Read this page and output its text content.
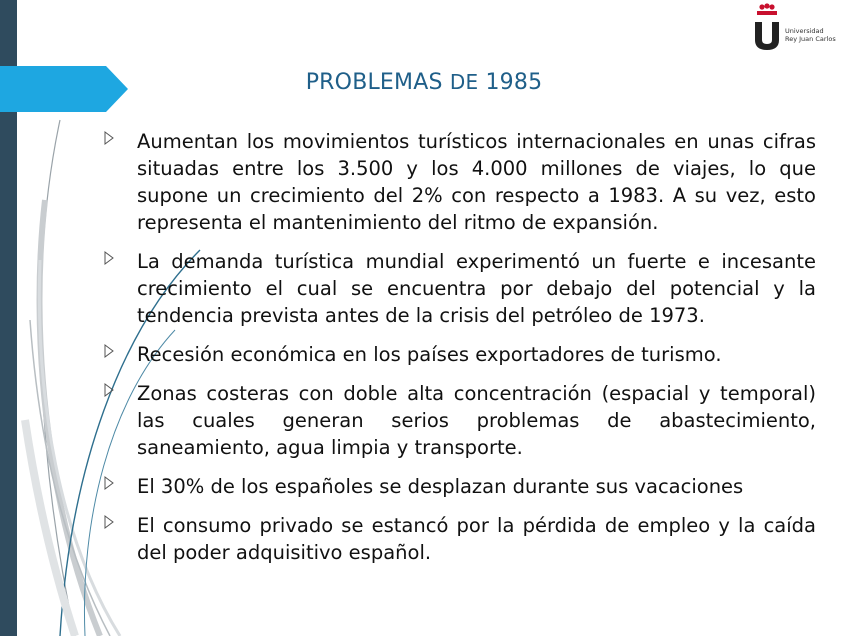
Universidad
Rey Juan Carlos
PROBLEMAS DE 1985
Aumentan los movimientos turísticos internacionales en unas cifras situadas entre los 3.500 y los 4.000 millones de viajes, lo que supone un crecimiento del 2% con respecto a 1983. A su vez, esto representa el mantenimiento del ritmo de expansión.
La demanda turística mundial experimentó un fuerte e incesante crecimiento el cual se encuentra por debajo del potencial y la tendencia prevista antes de la crisis del petróleo de 1973.
Recesión económica en los países exportadores de turismo.
Zonas costeras con doble alta concentración (espacial y temporal) las cuales generan serios problemas de abastecimiento, saneamiento, agua limpia y transporte.
El 30% de los españoles se desplazan durante sus vacaciones
El consumo privado se estancó por la pérdida de empleo y la caída del poder adquisitivo español.
